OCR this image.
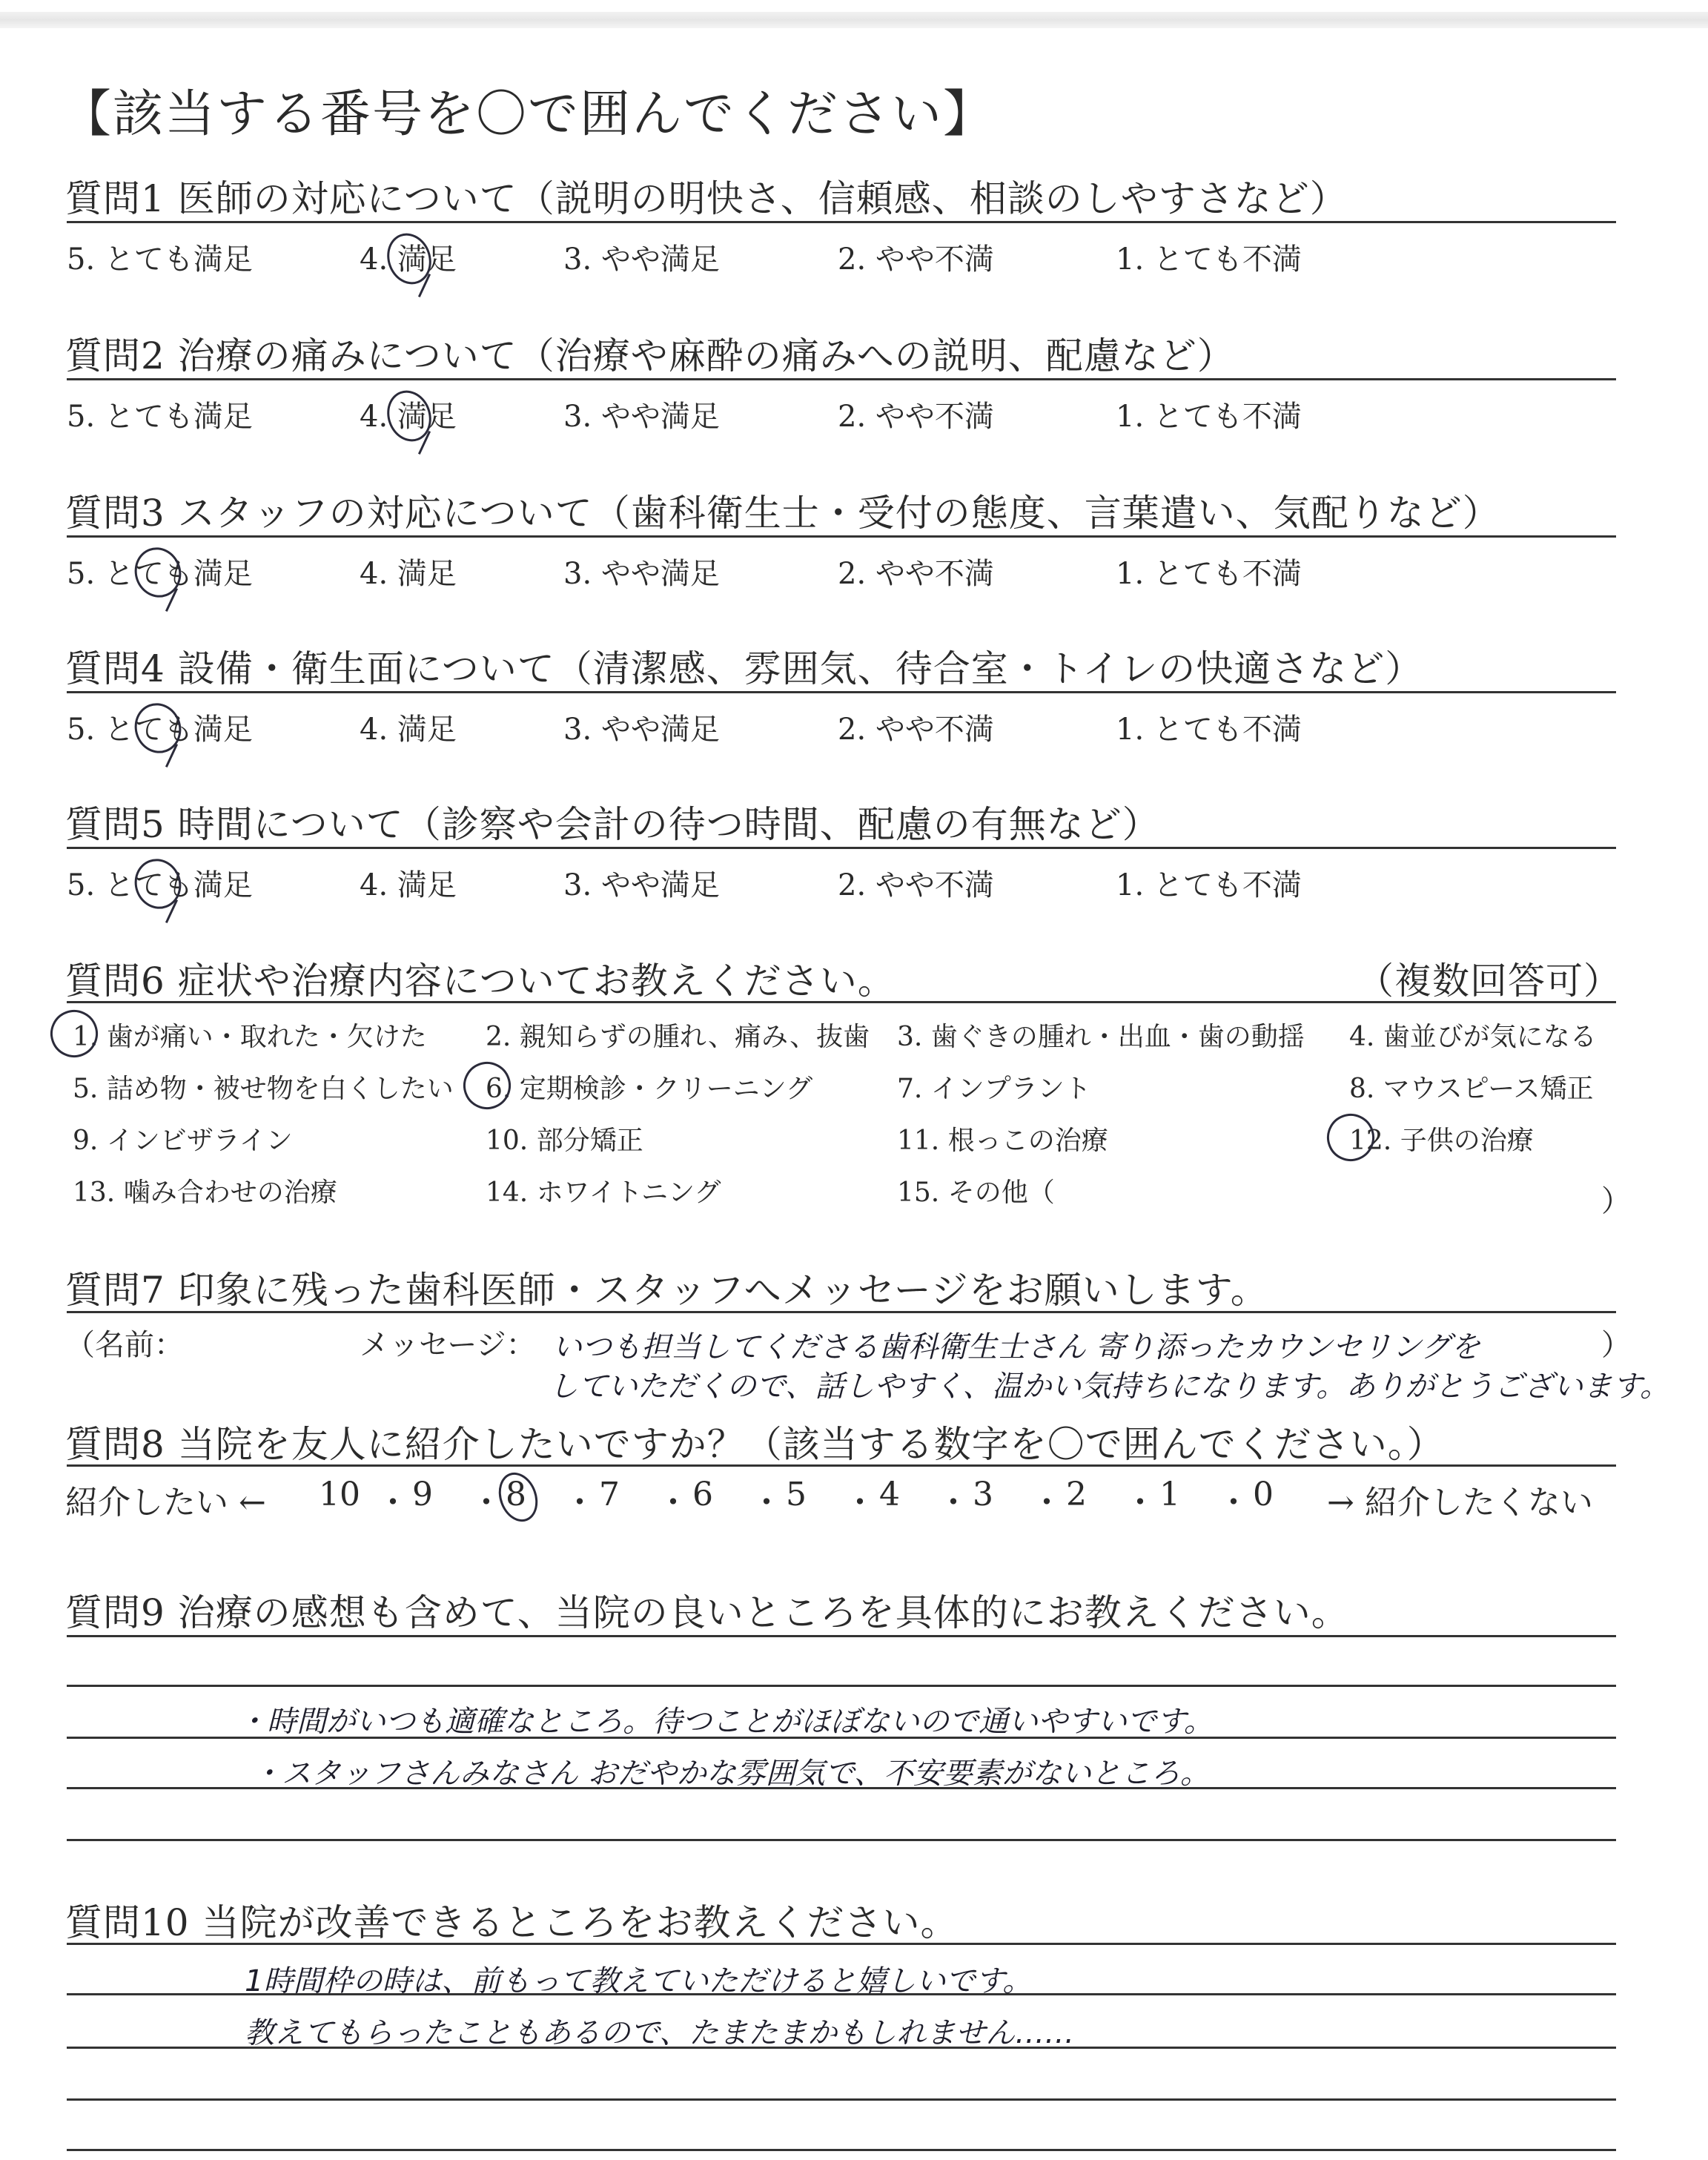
【該当する番号を〇で囲んでください】
質問1 医師の対応について（説明の明快さ、信頼感、相談のしやすさなど）
5. とても満足	4. 満足	3. やや満足	2. やや不満	1. とても不満
質問2 治療の痛みについて（治療や麻酔の痛みへの説明、配慮など）
5. とても満足	4. 満足	3. やや満足	2. やや不満	1. とても不満
質問3 スタッフの対応について（歯科衛生士・受付の態度、言葉遣い、気配りなど）
5. とても満足	4. 満足	3. やや満足	2. やや不満	1. とても不満
質問4 設備・衛生面について（清潔感、雰囲気、待合室・トイレの快適さなど）
5. とても満足	4. 満足	3. やや満足	2. やや不満	1. とても不満
質問5 時間について（診察や会計の待つ時間、配慮の有無など）
5. とても満足	4. 満足	3. やや満足	2. やや不満	1. とても不満
質問6 症状や治療内容についてお教えください。	（複数回答可）
1. 歯が痛い・取れた・欠けた 2. 親知らずの腫れ、痛み、抜歯 3. 歯ぐきの腫れ・出血・歯の動揺 4. 歯並びが気になる
5. 詰め物・被せ物を白くしたい 6. 定期検診・クリーニング	7. インプラント	8. マウスピース矯正
9. インビザライン	10. 部分矯正	11. 根っこの治療	12. 子供の治療
13. 噛み合わせの治療	14. ホワイトニング	15. その他（	）
質問7 印象に残った歯科医師・スタッフへメッセージをお願いします。
（名前：	メッセージ：	）
いつも担当してくださる歯科衛生士さん 寄り添ったカウンセリングを
していただくので、話しやすく、温かい気持ちになります。ありがとうございます。
質問8 当院を友人に紹介したいですか？（該当する数字を〇で囲んでください。）
紹介したい ←	→ 紹介したくない
10 ・ 9 ・ 8 ・ 7 ・ 6 ・ 5 ・ 4 ・ 3 ・ 2 ・ 1 ・ 0
質問9 治療の感想も含めて、当院の良いところを具体的にお教えください。
・時間がいつも適確なところ。待つことがほぼないので通いやすいです。
・スタッフさんみなさん おだやかな雰囲気で、不安要素がないところ。
質問10 当院が改善できるところをお教えください。
1時間枠の時は、前もって教えていただけると嬉しいです。
教えてもらったこともあるので、たまたまかもしれません……
